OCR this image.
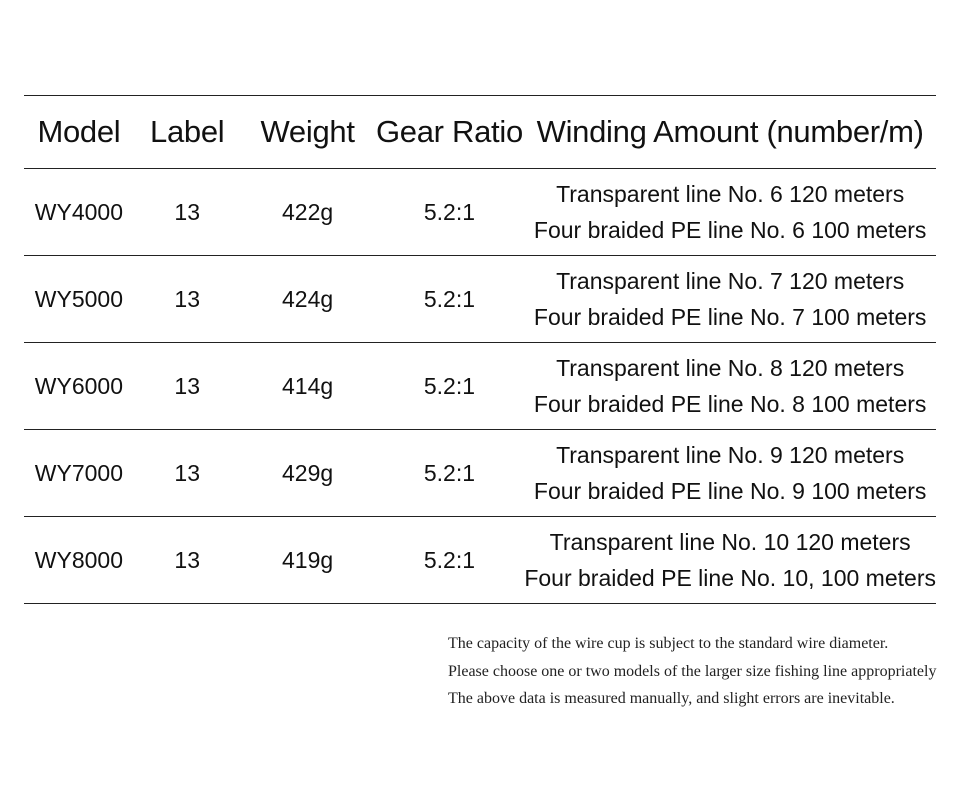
Model	Label	Weight	Gear Ratio	Winding Amount (number/m)
WY4000	13	422g	5.2:1	Transparent line No. 6 120 meters
Four braided PE line No. 6 100 meters

WY5000	13	424g	5.2:1	Transparent line No. 7 120 meters
Four braided PE line No. 7 100 meters

WY6000	13	414g	5.2:1	Transparent line No. 8 120 meters
Four braided PE line No. 8 100 meters

WY7000	13	429g	5.2:1	Transparent line No. 9 120 meters
Four braided PE line No. 9 100 meters

WY8000	13	419g	5.2:1	Transparent line No. 10 120 meters
Four braided PE line No. 10, 100 meters
The capacity of the wire cup is subject to the standard wire diameter.
Please choose one or two models of the larger size fishing line appropriately
The above data is measured manually, and slight errors are inevitable.
